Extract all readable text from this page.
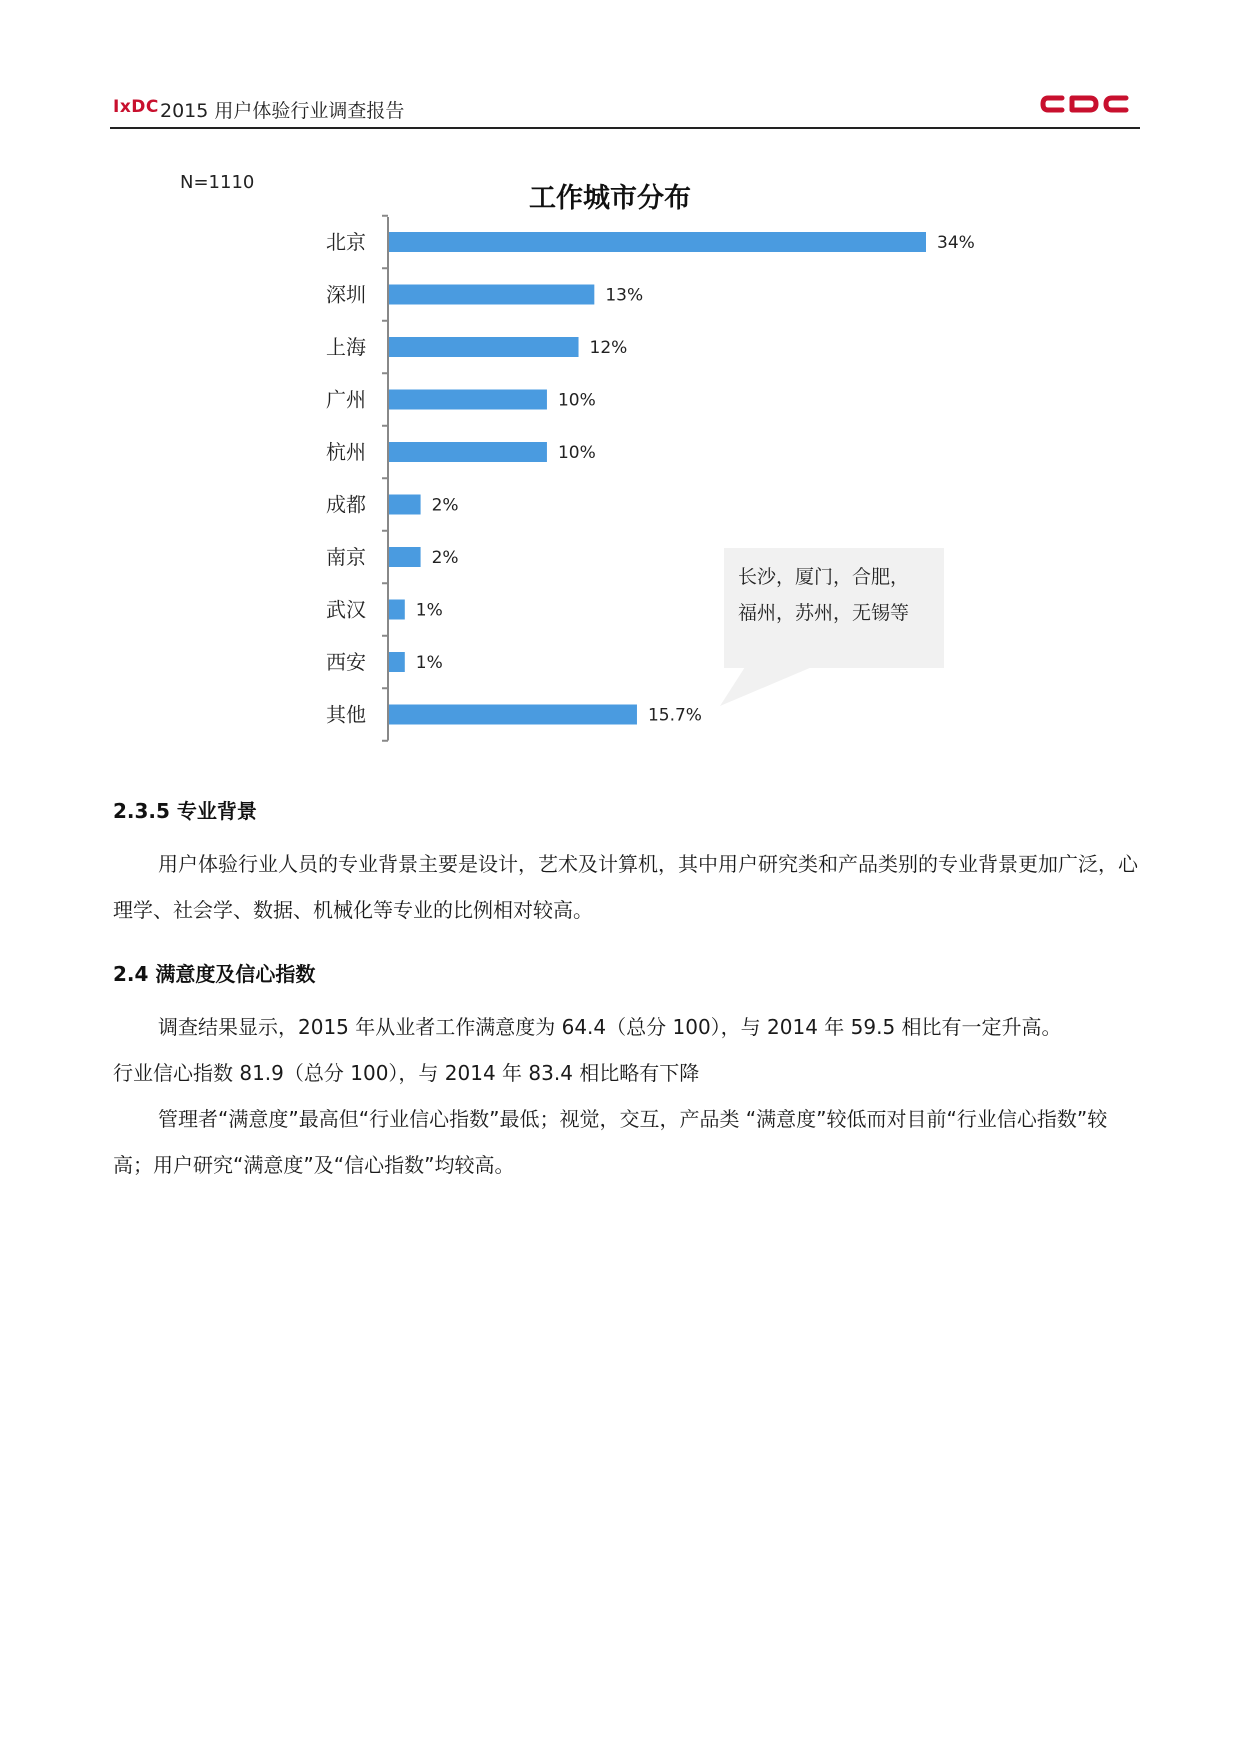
IxDC 2015 用户体验行业调查报告
N=1110
工作城市分布
北京	34%
深圳	13%
上海	12%
广州	10%
杭州	10%
成都	2%
南京	2%
武汉	1%
西安	1%
其他	15.7%
长沙，厦门，合肥，
福州，苏州，无锡等
2.3.5 专业背景

用户体验行业人员的专业背景主要是设计，艺术及计算机，其中用户研究类和产品类别的专业背景更加广泛，心理学、社会学、数据、机械化等专业的比例相对较高。

2.4 满意度及信心指数

调查结果显示，2015 年从业者工作满意度为 64.4（总分 100），与 2014 年 59.5 相比有一定升高。

行业信心指数 81.9（总分 100），与 2014 年 83.4 相比略有下降

管理者“满意度”最高但“行业信心指数”最低；视觉，交互，产品类 “满意度”较低而对目前“行业信心指数”较高；用户研究“满意度”及“信心指数”均较高。
